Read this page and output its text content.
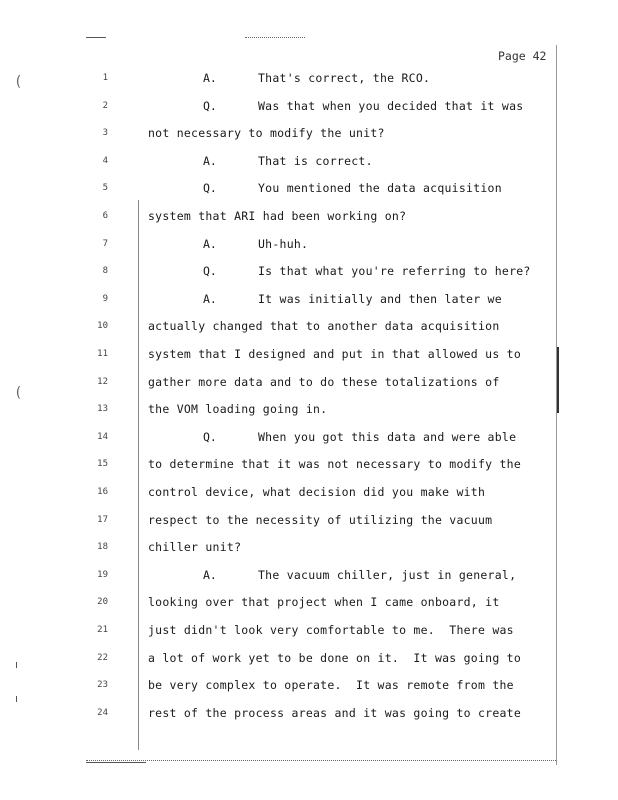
Page 42
(
(
1	A.	That's correct, the RCO.
2	Q.	Was that when you decided that it was
3	not necessary to modify the unit?
4	A.	That is correct.
5	Q.	You mentioned the data acquisition
6	system that ARI had been working on?
7	A.	Uh-huh.
8	Q.	Is that what you're referring to here?
9	A.	It was initially and then later we
10	actually changed that to another data acquisition
11	system that I designed and put in that allowed us to
12	gather more data and to do these totalizations of
13	the VOM loading going in.
14	Q.	When you got this data and were able
15	to determine that it was not necessary to modify the
16	control device, what decision did you make with
17	respect to the necessity of utilizing the vacuum
18	chiller unit?
19	A.	The vacuum chiller, just in general,
20	looking over that project when I came onboard, it
21	just didn't look very comfortable to me.  There was
22	a lot of work yet to be done on it.  It was going to
23	be very complex to operate.  It was remote from the
24	rest of the process areas and it was going to create
